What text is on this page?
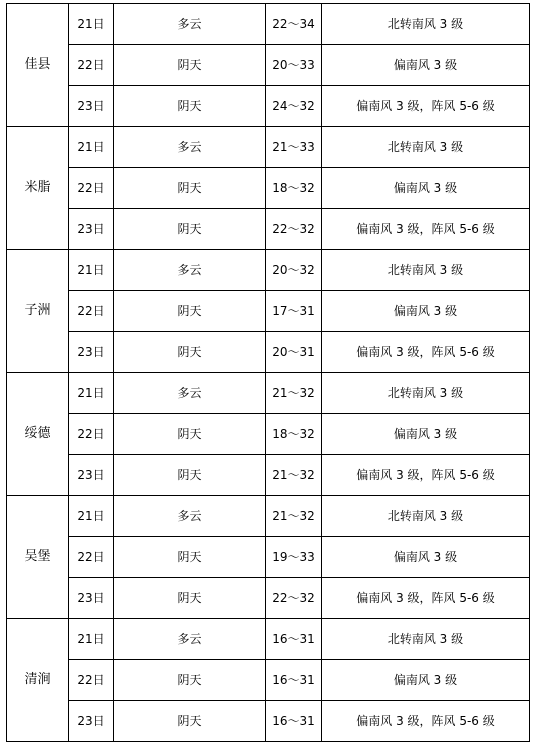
佳县	21日	多云	22～34	北转南风 3 级
	22日	阴天	20～33	偏南风 3 级
	23日	阴天	24～32	偏南风 3 级，阵风 5-6 级
米脂	21日	多云	21～33	北转南风 3 级
	22日	阴天	18～32	偏南风 3 级
	23日	阴天	22～32	偏南风 3 级，阵风 5-6 级
子洲	21日	多云	20～32	北转南风 3 级
	22日	阴天	17～31	偏南风 3 级
	23日	阴天	20～31	偏南风 3 级，阵风 5-6 级
绥德	21日	多云	21～32	北转南风 3 级
	22日	阴天	18～32	偏南风 3 级
	23日	阴天	21～32	偏南风 3 级，阵风 5-6 级
吴堡	21日	多云	21～32	北转南风 3 级
	22日	阴天	19～33	偏南风 3 级
	23日	阴天	22～32	偏南风 3 级，阵风 5-6 级
清涧	21日	多云	16～31	北转南风 3 级
	22日	阴天	16～31	偏南风 3 级
	23日	阴天	16～31	偏南风 3 级，阵风 5-6 级
